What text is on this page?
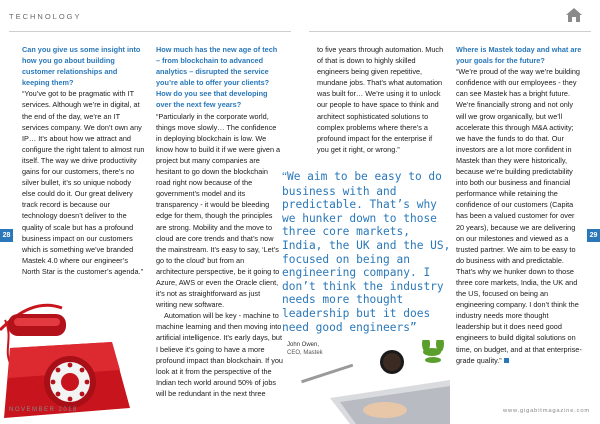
TECHNOLOGY
Can you give us some insight into how you go about building customer relationships and keeping them?
“You’ve got to be pragmatic with IT services. Although we’re in digital, at the end of the day, we’re an IT services company. We don’t own any IP… It’s about how we attract and configure the right talent to almost run itself. The way we drive productivity gains for our customers, there’s no silver bullet, it’s so unique nobody else could do it. Our great delivery track record is because our technology doesn’t deliver to the quality of scale but has a profound business impact on our customers which is something we’ve branded Mastek 4.0 where our engineer’s North Star is the customer’s agenda.”
How much has the new age of tech – from blockchain to advanced analytics – disrupted the service you’re able to offer your clients? How do you see that developing over the next few years?
“Particularly in the corporate world, things move slowly… The confidence in deploying blockchain is low. We know how to build it if we were given a project but many companies are hesitant to go down the blockchain road right now because of the government’s model and its transparency - it would be bleeding edge for them, though the principles are strong. Mobility and the move to cloud are core trends and that’s now the mainstream. It’s easy to say, ‘Let’s go to the cloud’ but from an architecture perspective, be it going to Azure, AWS or even the Oracle client, it’s not as straightforward as just writing new software.
Automation will be key - machine to machine learning and then moving into artificial intelligence. It’s early days, but I believe it’s going to have a more profound impact than blockchain. If you look at it from the perspective of the Indian tech world around 50% of jobs will be redundant in the next three
to five years through automation. Much of that is down to highly skilled engineers being given repetitive, mundane jobs. That’s what automation was built for… We’re using it to unlock our people to have space to think and architect sophisticated solutions to complex problems where there’s a profound impact for the enterprise if you get it right, or wrong.”
“We aim to be easy to do business with and predictable. That’s why we hunker down to those three core markets, India, the UK and the US, focused on being an engineering company. I don’t think the industry needs more thought leadership but it does need good engineers”
John Owen,
CEO, Mastek
Where is Mastek today and what are your goals for the future?
“We’re proud of the way we’re building confidence with our employees - they can see Mastek has a bright future. We’re financially strong and not only will we grow organically, but we’ll accelerate this through M&A activity; we have the funds to do that. Our investors are a lot more confident in Mastek than they were historically, because we’re building predictability into both our business and financial performance while retaining the confidence of our customers (Capita has been a valued customer for over 20 years), because we are delivering on our milestones and viewed as a trusted partner. We aim to be easy to do business with and predictable. That’s why we hunker down to those three core markets, India, the UK and the US, focused on being an engineering company. I don’t think the industry needs more thought leadership but it does need good engineers to build digital solutions on time, on budget, and at that enterprise-grade quality.”
28	29
NOVEMBER 2018	www.gigabitmagazine.com
